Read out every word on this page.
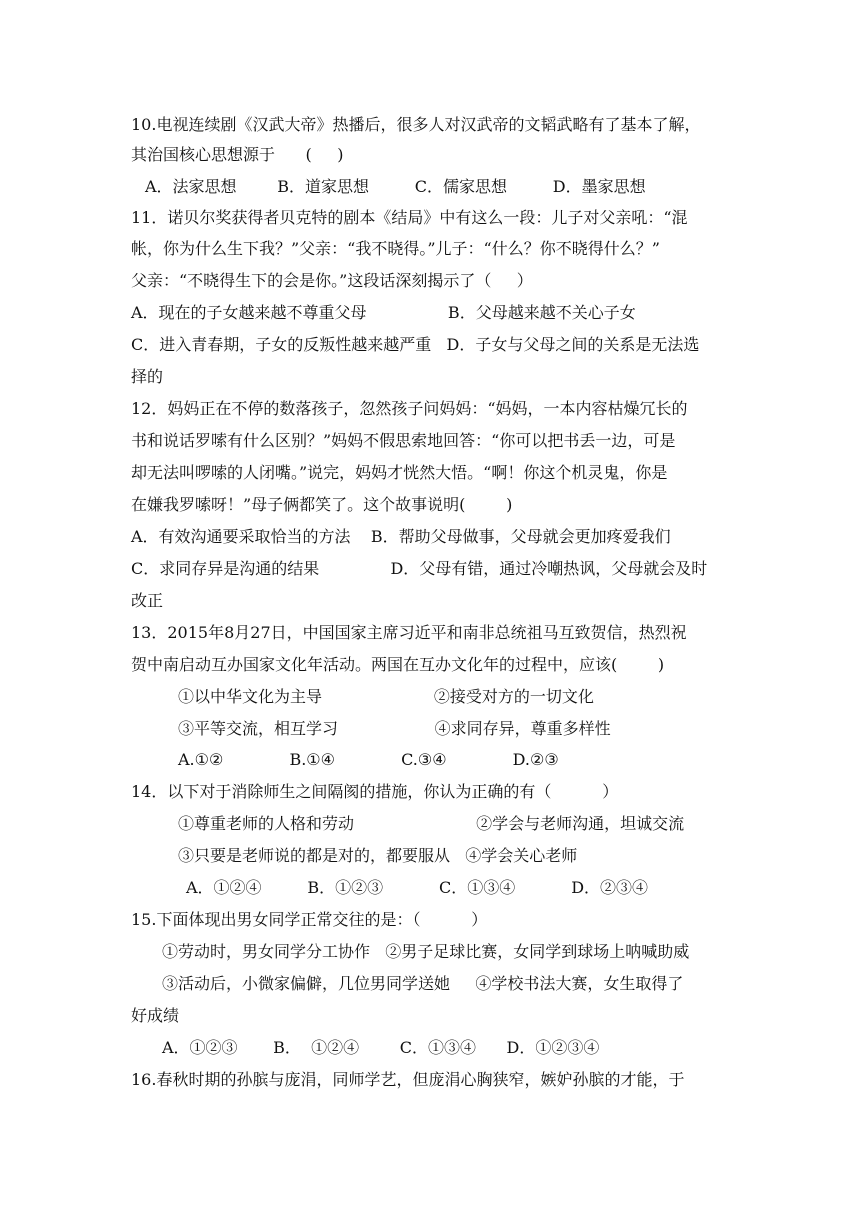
10.电视连续剧《汉武大帝》热播后，很多人对汉武帝的文韬武略有了基本了解，
其治国核心思想源于      (     )
A．法家思想        B．道家思想         C．儒家思想         D．墨家思想
11．诺贝尔奖获得者贝克特的剧本《结局》中有这么一段：儿子对父亲吼：“混
帐，你为什么生下我？”父亲：“我不晓得。”儿子：“什么？你不晓得什么？”
父亲：“不晓得生下的会是你。”这段话深刻揭示了（     ）
A．现在的子女越来越不尊重父母                B．父母越来越不关心子女
C．进入青春期，子女的反叛性越来越严重   D．子女与父母之间的关系是无法选
择的
12．妈妈正在不停的数落孩子，忽然孩子问妈妈：“妈妈，一本内容枯燥冗长的
书和说话罗嗦有什么区别？”妈妈不假思索地回答：“你可以把书丢一边，可是
却无法叫啰嗦的人闭嘴。”说完，妈妈才恍然大悟。“啊！你这个机灵鬼，你是
在嫌我罗嗦呀！”母子俩都笑了。这个故事说明(        )
A．有效沟通要采取恰当的方法    B．帮助父母做事，父母就会更加疼爱我们
C．求同存异是沟通的结果              D．父母有错，通过冷嘲热讽，父母就会及时
改正
13．2015年8月27日，中国国家主席习近平和南非总统祖马互致贺信，热烈祝
贺中南启动互办国家文化年活动。两国在互办文化年的过程中，应该(        )
①以中华文化为主导                      ②接受对方的一切文化
③平等交流，相互学习                   ④求同存异，尊重多样性
A.①②             B.①④             C.③④             D.②③
14．以下对于消除师生之间隔阂的措施，你认为正确的有（          ）
①尊重老师的人格和劳动                        ②学会与老师沟通，坦诚交流
③只要是老师说的都是对的，都要服从   ④学会关心老师
A．①②④         B．①②③           C．①③④           D．②③④
15.下面体现出男女同学正常交往的是：（          ）
①劳动时，男女同学分工协作   ②男子足球比赛，女同学到球场上呐喊助威
③活动后，小微家偏僻，几位男同学送她     ④学校书法大赛，女生取得了
好成绩
A．①②③       B．  ①②④        C．①③④      D．①②③④
16.春秋时期的孙膑与庞涓，同师学艺，但庞涓心胸狭窄，嫉妒孙膑的才能，于
